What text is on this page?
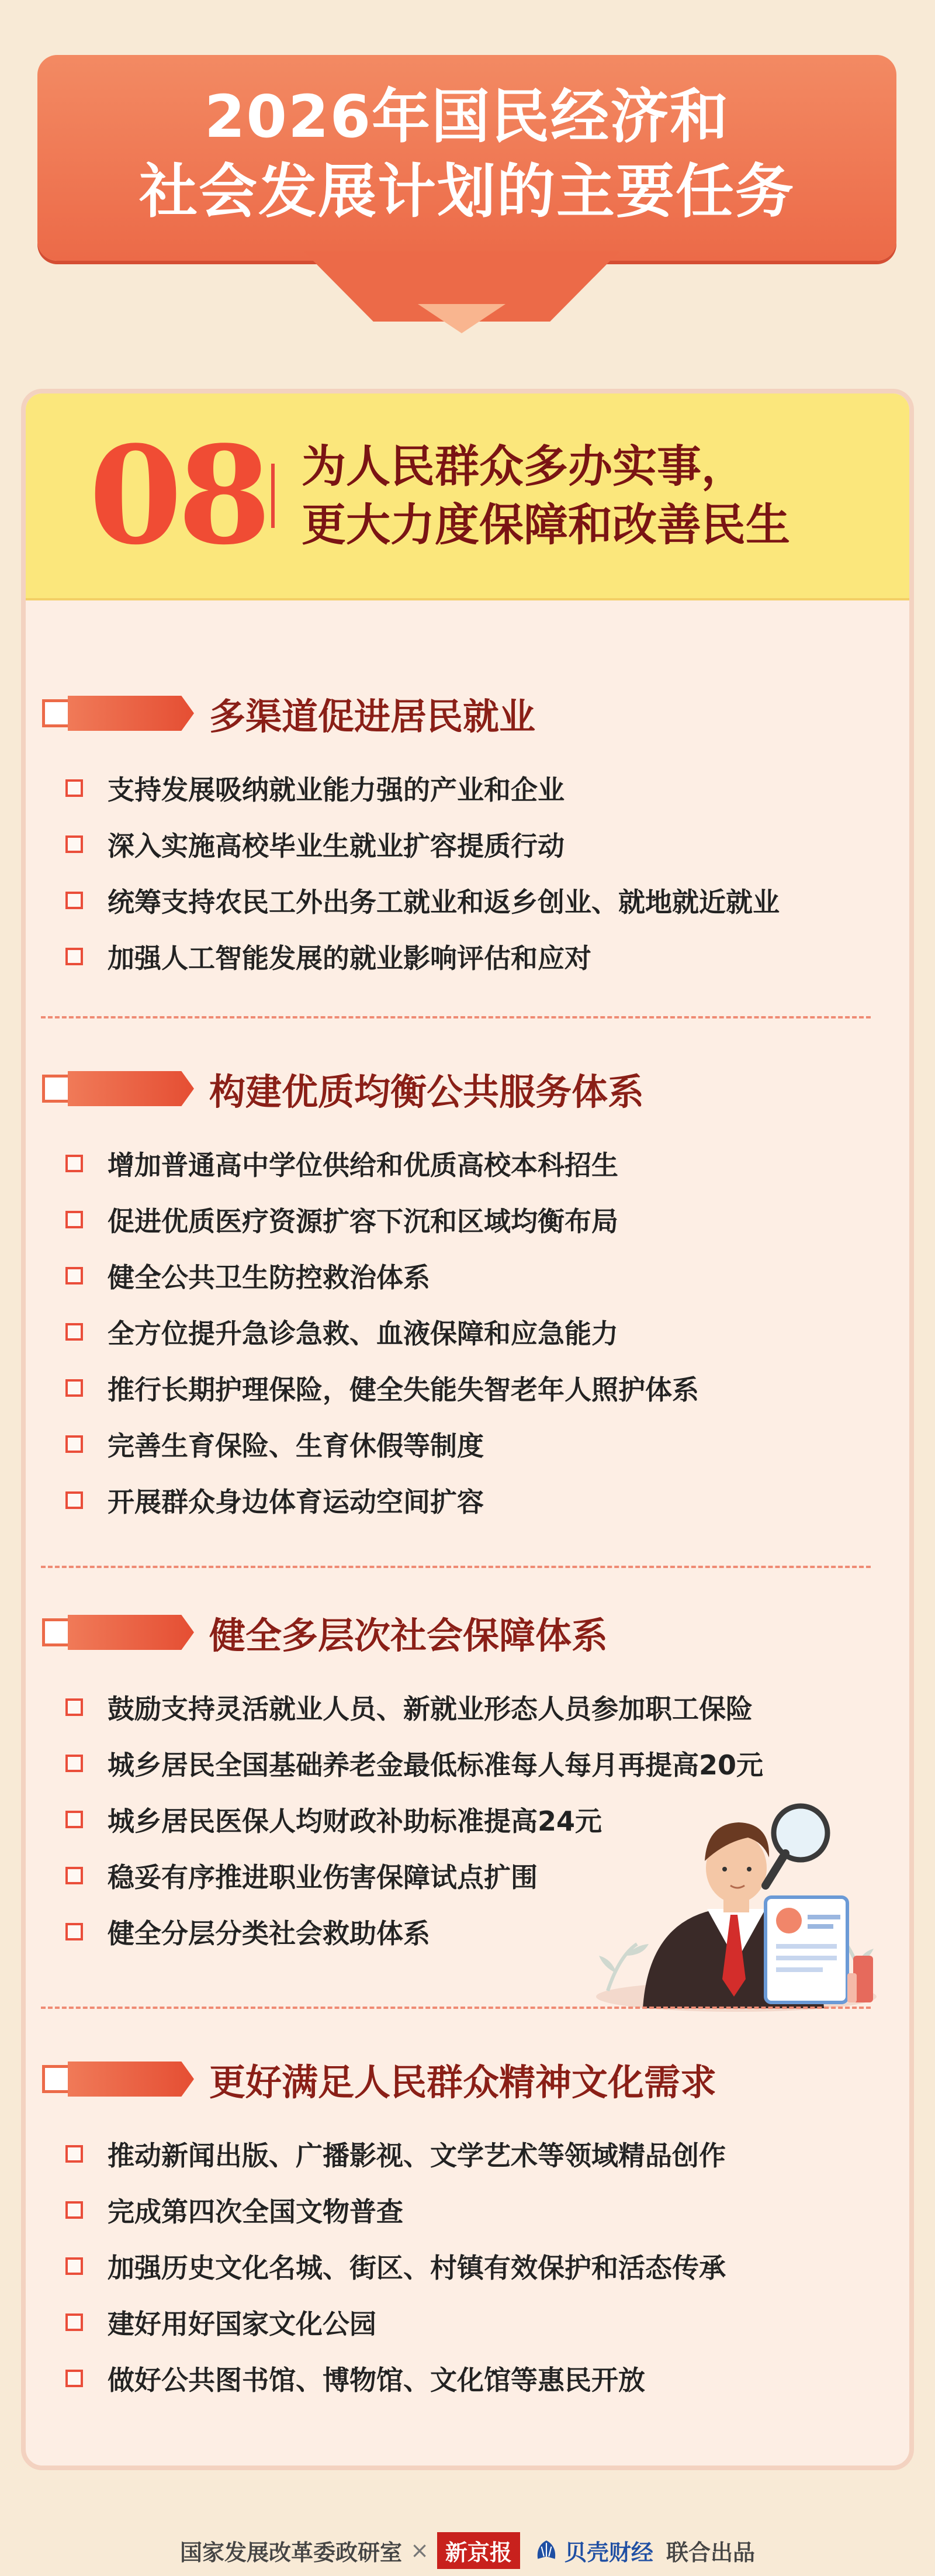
2026年国民经济和
社会发展计划的主要任务
08 为人民群众多办实事，
更大力度保障和改善民生
多渠道促进居民就业
支持发展吸纳就业能力强的产业和企业
深入实施高校毕业生就业扩容提质行动
统筹支持农民工外出务工就业和返乡创业、就地就近就业
加强人工智能发展的就业影响评估和应对
构建优质均衡公共服务体系
增加普通高中学位供给和优质高校本科招生
促进优质医疗资源扩容下沉和区域均衡布局
健全公共卫生防控救治体系
全方位提升急诊急救、血液保障和应急能力
推行长期护理保险，健全失能失智老年人照护体系
完善生育保险、生育休假等制度
开展群众身边体育运动空间扩容
健全多层次社会保障体系
鼓励支持灵活就业人员、新就业形态人员参加职工保险
城乡居民全国基础养老金最低标准每人每月再提高20元
城乡居民医保人均财政补助标准提高24元
稳妥有序推进职业伤害保障试点扩围
健全分层分类社会救助体系
更好满足人民群众精神文化需求
推动新闻出版、广播影视、文学艺术等领域精品创作
完成第四次全国文物普查
加强历史文化名城、街区、村镇有效保护和活态传承
建好用好国家文化公园
做好公共图书馆、博物馆、文化馆等惠民开放
国家发展改革委政研室 × 新京报	贝壳财经 联合出品
